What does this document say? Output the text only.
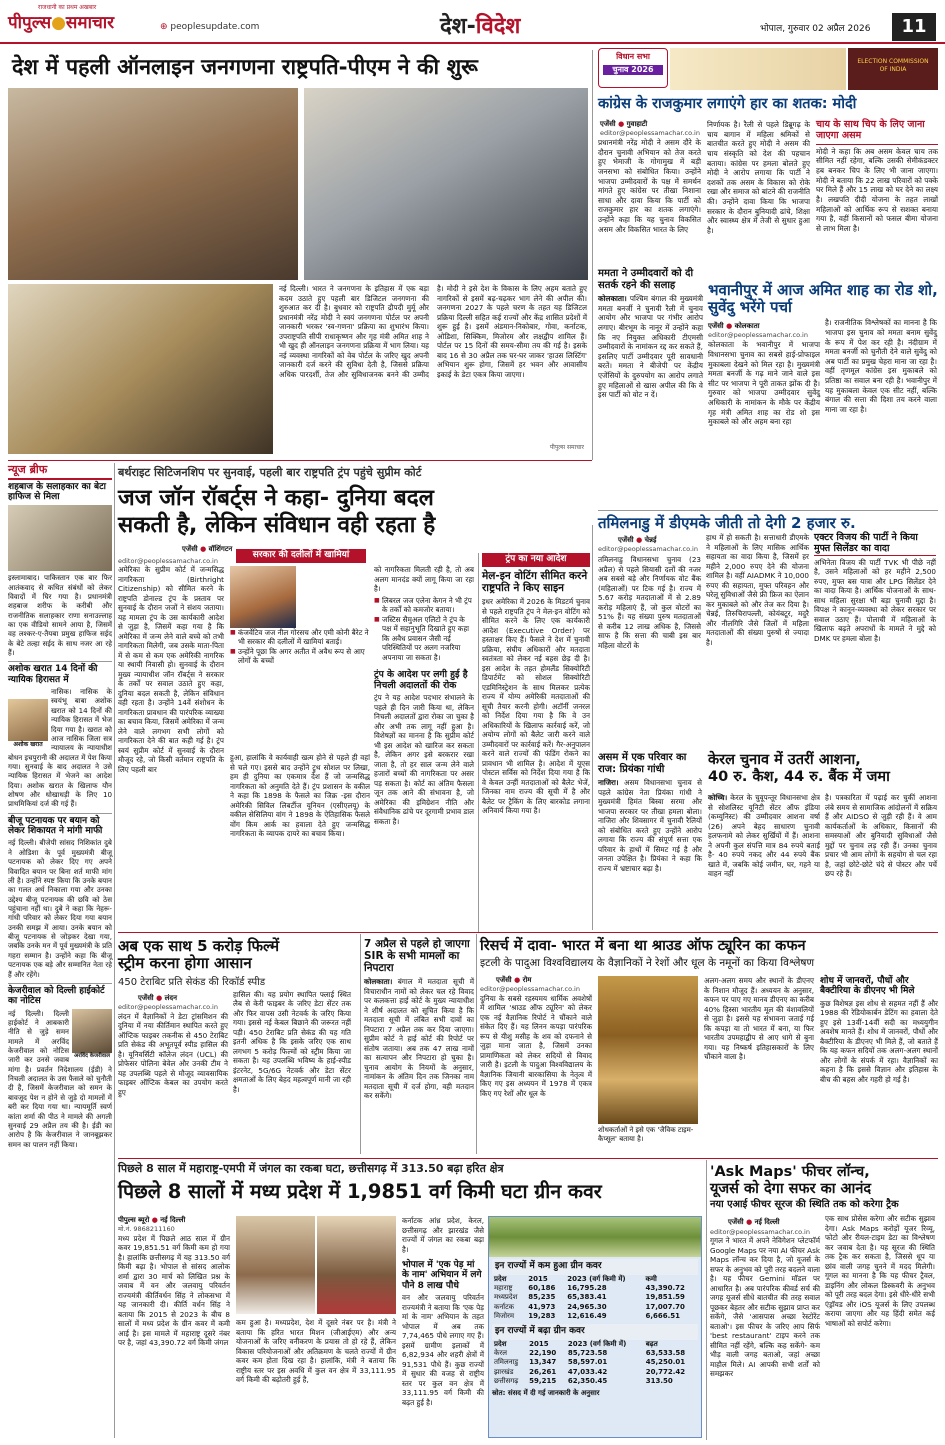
राजधानी का प्रथम अखबार
पीपुल्स●समाचार	⊕ peoplesupdate.com	देश-विदेश	भोपाल, गुरुवार 02 अप्रैल 2026	11
देश में पहली ऑनलाइन जनगणना राष्ट्रपति-पीएम ने की शुरू

नई दिल्ली। भारत ने जनगणना के इतिहास में एक बड़ा कदम उठाते हुए पहली बार डिजिटल जनगणना की शुरुआत कर दी है। बुधवार को राष्ट्रपति द्रौपदी मुर्मू और प्रधानमंत्री नरेंद्र मोदी ने स्वयं जनगणना पोर्टल पर अपनी जानकारी भरकर 'स्व-गणना' प्रक्रिया का शुभारंभ किया। उपराष्ट्रपति सीपी राधाकृष्णन और गृह मंत्री अमित शाह ने भी खुद ही ऑनलाइन जनगणना प्रक्रिया में भाग लिया। यह नई व्यवस्था नागरिकों को वेब पोर्टल के जरिए खुद अपनी जानकारी दर्ज करने की सुविधा देती है, जिससे प्रक्रिया अधिक पारदर्शी, तेज और सुविधाजनक बनने की उम्मीद है। मोदी ने इसे देश के विकास के लिए अहम बताते हुए नागरिकों से इसमें बढ़-चढ़कर भाग लेने की अपील की। जनगणना 2027 के पहले चरण के तहत यह डिजिटल प्रक्रिया दिल्ली सहित कई राज्यों और केंद्र शासित प्रदेशों में शुरू हुई है। इसमें अंडमान-निकोबार, गोवा, कर्नाटक, ओडिशा, सिक्किम, मिजोरम और लक्षद्वीप शामिल हैं। पोर्टल पर 15 दिनों की समय-सीमा तय की गई है। इसके बाद 16 से 30 अप्रैल तक घर-घर जाकर 'हाउस लिस्टिंग' अभियान शुरू होगा, जिसमें हर भवन और आवासीय इकाई के डेटा एकत्र किया जाएगा।

पीपुल्स समाचार
विधान सभा
चुनाव 2026
ELECTION COMMISSION
OF INDIA
कांग्रेस के राजकुमार लगाएंगे हार का शतक: मोदी
एजेंसी ● गुवाहाटी
editor@peoplessamachar.co.in

प्रधानमंत्री नरेंद्र मोदी ने असम दौरे के दौरान चुनावी अभियान को तेज करते हुए भेमाजी के गोगामुख में बड़ी जनसभा को संबोधित किया। उन्होंने भाजपा उम्मीदवारों के पक्ष में समर्थन मांगते हुए कांग्रेस पर तीखा निशाना साधा और दावा किया कि पार्टी को राजकुमार हार का शतक लगाएंगे। उन्होंने कहा कि यह चुनाव विकसित असम और विकसित भारत के लिए

निर्णायक है। रैली से पहले डिब्रूगढ़ के चाय बागान में महिला श्रमिकों से बातचीत करते हुए मोदी ने असम की चाय संस्कृति को देश की पहचान बताया। कांग्रेस पर हमला बोलते हुए मोदी ने आरोप लगाया कि पार्टी ने दशकों तक असम के विकास को रोके रखा और समाज को बांटने की राजनीति की। उन्होंने दावा किया कि भाजपा सरकार के दौरान बुनियादी ढांचे, शिक्षा और स्वास्थ्य क्षेत्र में तेजी से सुधार हुआ है।

चाय के साथ चिप के लिए जाना जाएगा असम

मोदी ने कहा कि अब असम केवल चाय तक सीमित नहीं रहेगा, बल्कि उसकी सेमीकंडक्टर हब बनकर चिप के लिए भी जाना जाएगा। मोदी ने बताया कि 22 लाख परिवारों को पक्के घर मिले हैं और 15 लाख को घर देने का लक्ष्य है। लखपति दीदी योजना के तहत लाखों महिलाओं को आर्थिक रूप से सशक्त बनाया गया है, वहीं किसानों को फसल बीमा योजना से लाभ मिला है।

ममता ने उम्मीदवारों को दी सतर्क रहने की सलाह

कोलकाता। पश्चिम बंगाल की मुख्यमंत्री ममता बनर्जी ने चुनावी रैली में चुनाव आयोग और भाजपा पर गंभीर आरोप लगाए। बीरभूम के नानूर में उन्होंने कहा कि नए नियुक्त अधिकारी टीएमसी उम्मीदवारों के नामांकन रद्द कर सकते हैं, इसलिए पार्टी उम्मीदवार पूरी सावधानी बरतें। ममता ने बीजेपी पर केंद्रीय एजेंसियों के दुरुपयोग का आरोप लगाते हुए महिलाओं से खास अपील की कि वे इस पार्टी को वोट न दें।

भवानीपुर में आज अमित शाह का रोड शो, सुवेंदु भरेंगे पर्चा
एजेंसी ● कोलकाता
editor@peoplessamachar.co.in

कोलकाता के भवानीपुर में भाजपा विधानसभा चुनाव का सबसे हाई-प्रोफाइल मुकाबला देखने को मिल रहा है। मुख्यमंत्री ममता बनर्जी के गढ़ माने जाने वाले इस सीट पर भाजपा ने पूरी ताकत झोंक दी है। गुरुवार को भाजपा उम्मीदवार सुवेंदु अधिकारी के नामांकन के मौके पर केंद्रीय गृह मंत्री अमित शाह का रोड शो इस मुकाबले को और अहम बना रहा

है। राजनीतिक विश्लेषकों का मानना है कि भाजपा इस चुनाव को ममता बनाम सुवेंदु के रूप में पेश कर रही है। नंदीग्राम में ममता बनर्जी को चुनौती देने वाले सुवेंदु को अब पार्टी का प्रमुख चेहरा माना जा रहा है। वहीं तृणमूल कांग्रेस इस मुकाबले को प्रतिष्ठा का सवाल बना रही है। भवानीपुर में यह मुकाबला केवल एक सीट नहीं, बल्कि बंगाल की सत्ता की दिशा तय करने वाला माना जा रहा है।

न्यूज ब्रीफ
शहबाज के सलाहकार का बेटा हाफिज से मिला

इस्लामाबाद। पाकिस्तान एक बार फिर आतंकवाद से कथित संबंधों को लेकर विवादों में घिर गया है। प्रधानमंत्री शहबाज शरीफ के करीबी और राजनीतिक सलाहकार राणा सनाउल्लाह का एक वीडियो सामने आया है, जिसमें वह लश्कर-ए-तैयबा प्रमुख हाफिज सईद के बेटे तल्हा सईद के साथ नजर आ रहे हैं।

अशोक खरात 14 दिनों की न्यायिक हिरासत में
अशोक खरात

नासिक। नासिक के स्वयंभू बाबा अशोक खरात को 14 दिनों की न्यायिक हिरासत में भेज दिया गया है। खरात को आज नासिक जिला सत्र न्यायालय के न्यायाधीश बोधन इचपुरानी की अदालत में पेश किया गया। सुनवाई के बाद अदालत ने उसे न्यायिक हिरासत में भेजने का आदेश दिया। अशोक खरात के खिलाफ यौन शोषण और धोखाधड़ी के लिए 10 प्राथमिकियां दर्ज की गई हैं।

बीजू पटनायक पर बयान को लेकर शिकायत ने मांगी माफी

नई दिल्ली। बीजेपी सांसद निशिकांत दुबे ने ओडिशा के पूर्व मुख्यमंत्री बीजू पटनायक को लेकर दिए गए अपने विवादित बयान पर बिना शर्त माफी मांग ली है। उन्होंने स्पष्ट किया कि उनके बयान का गलत अर्थ निकाला गया और उनका उद्देश्य बीजू पटनायक की छवि को ठेस पहुंचाना नहीं था। दुबे ने कहा कि नेहरू-गांधी परिवार को लेकर दिया गया बयान उनकी समझ में आया। उनके बयान को बीजू पटनायक से जोड़कर देखा गया, जबकि उनके मन में पूर्व मुख्यमंत्री के प्रति गहरा सम्मान है। उन्होंने कहा कि बीजू पटनायक एक बड़े और सम्मानित नेता रहे हैं और रहेंगे।

केजरीवाल को दिल्ली हाईकोर्ट का नोटिस
अरविंद केजरीवाल

नई दिल्ली। दिल्ली हाईकोर्ट ने आबकारी नीति से जुड़े समन मामले में अरविंद केजरीवाल को नोटिस जारी कर उनसे जवाब मांगा है। प्रवर्तन निदेशालय (ईडी) ने निचली अदालत के उस फैसले को चुनौती दी है, जिसमें केजरीवाल को समन के बावजूद पेश न होने से जुड़े दो मामलों में बरी कर दिया गया था। न्यायमूर्ति स्वर्ण कांता शर्मा की पीठ ने मामले की अगली सुनवाई 29 अप्रैल तय की है। ईडी का आरोप है कि केजरीवाल ने जानबूझकर समन का पालन नहीं किया।

बर्थराइट सिटिजनशिप पर सुनवाई, पहली बार राष्ट्रपति ट्रंप पहुंचे सुप्रीम कोर्ट
जज जॉन रॉबर्ट्स ने कहा- दुनिया बदल
सकती है, लेकिन संविधान वही रहता है
एजेंसी ● वॉशिंगटन
editor@peoplessamachar.co.in

अमेरिका के सुप्रीम कोर्ट में जन्मसिद्ध नागरिकता (Birthright Citizenship) को सीमित करने के राष्ट्रपति डोनाल्ड ट्रंप के प्रस्ताव पर सुनवाई के दौरान जजों ने संशय जताया। यह मामला ट्रंप के उस कार्यकारी आदेश से जुड़ा है, जिसमें कहा गया है कि अमेरिका में जन्म लेने वाले बच्चे को तभी नागरिकता मिलेगी, जब उसके माता-पिता में से कम से कम एक अमेरिकी नागरिक या स्थायी निवासी हो। सुनवाई के दौरान मुख्य न्यायाधीश जॉन रॉबर्ट्स ने सरकार के तर्कों पर सवाल उठाते हुए कहा, दुनिया बदल सकती है, लेकिन संविधान वही रहता है। उन्होंने 14वें संशोधन के नागरिकता प्रावधान की पारंपरिक व्याख्या का बचाव किया, जिसमें अमेरिका में जन्म लेने वाले लगभग सभी लोगों को नागरिकता देने की बात कही गई है। ट्रंप स्वयं सुप्रीम कोर्ट में सुनवाई के दौरान मौजूद रहे, जो किसी वर्तमान राष्ट्रपति के लिए पहली बार

सरकार की दलीलों में खामियां

■ कंजर्वेटिव जज नील गोरसच और एमी कोनी बैरेट ने भी सरकार की दलीलों में खामियां बताई।

■ उन्होंने पूछा कि अगर अतीत में अवैध रूप से आए लोगों के बच्चों

हुआ, हालांकि वे कार्यवाही खत्म होने से पहले ही वहां से चले गए। इससे बाद उन्होंने ट्रुथ सोशल पर लिखा, हम ही दुनिया का एकमात्र देश हैं जो जन्मसिद्ध नागरिकता को अनुमति देते हैं। ट्रंप प्रशासन के वकील ने कहा कि 1898 के फैसले का जिक्र -इस दौरान अमेरिकी सिविल लिबर्टीज यूनियन (एसीएलयू) के वकील सेसिलिया वांग ने 1898 के ऐतिहासिक फैसले वोंग किम आर्क का हवाला देते हुए जन्मसिद्ध नागरिकता के व्यापक दायरे का बचाव किया।

को नागरिकता मिलती रही है, तो अब अलग मानदंड क्यों लागू किया जा रहा है।

■ लिबरल जज एलेना केगन ने भी ट्रंप के तर्कों को कमजोर बताया।

■ जस्टिस सैमुअल एलिटो ने ट्रंप के पक्ष में सहानुभूति दिखाते हुए कहा कि अवैध प्रवासन जैसी नई परिस्थितियों पर अलग नजरिया अपनाया जा सकता है।

ट्रंप के आदेश पर लगी हुई है निचली अदालतों की रोक

ट्रंप ने यह आदेश पदभार संभालने के पहले ही दिन जारी किया था, लेकिन निचली अदालतों द्वारा रोका जा चुका है और अभी तक लागू नहीं हुआ है। विशेषज्ञों का मानना है कि सुप्रीम कोर्ट भी इस आदेश को खारिज कर सकता है, लेकिन अगर इसे बरकरार रखा जाता है, तो हर साल जन्म लेने वाले हजारों बच्चों की नागरिकता पर असर पड़ सकता है। कोर्ट का अंतिम फैसला जून तक आने की संभावना है, जो अमेरिका की इमिग्रेशन नीति और संवैधानिक ढांचे पर दूरगामी प्रभाव डाल सकता है।

ट्रंप का नया आदेश
मेल-इन वोटिंग सीमित करने राष्ट्रपति ने किए साइन

इधर अमेरिका में 2026 के मिडटर्म चुनाव से पहले राष्ट्रपति ट्रंप ने मेल-इन वोटिंग को सीमित करने के लिए एक कार्यकारी आदेश (Executive Order) पर हस्ताक्षर किए हैं। फैसले ने देश में चुनावी प्रक्रिया, संघीय अधिकारों और मतदाता स्वतंत्रता को लेकर नई बहस छेड़ दी है। इस आदेश के तहत होमलैंड सिक्योरिटी डिपार्टमेंट को सोशल सिक्योरिटी एडमिनिस्ट्रेशन के साथ मिलकर प्रत्येक राज्य में योग्य अमेरिकी मतदाताओं की सूची तैयार करनी होगी। अटॉर्नी जनरल को निर्देश दिया गया है कि वे उन अधिकारियों के खिलाफ कार्रवाई करें, जो अयोग्य लोगों को बैलेट जारी करने वाले उम्मीदवारों पर कार्रवाई करें। गैर-अनुपालन करने वाले राज्यों की फंडिंग रोकने का प्रावधान भी शामिल है। आदेश में यूएस पोस्टल सर्विस को निर्देश दिया गया है कि वे केवल उन्हीं मतदाताओं को बैलेट भेजें, जिनका नाम राज्य की सूची में है और बैलेट पर ट्रैकिंग के लिए बारकोड लगाना अनिवार्य किया गया है।

तमिलनाडु में डीएमके जीती तो देगी 2 हजार रु.
एजेंसी ● चेन्नई
editor@peoplessamachar.co.in

तमिलनाडु विधानसभा चुनाव (23 अप्रैल) से पहले सियासी दलों की नजर अब सबसे बड़े और निर्णायक वोट बैंक (महिलाओं) पर टिक गई है। राज्य में 5.67 करोड़ मतदाताओं में से 2.89 करोड़ महिलाएं हैं, जो कुल वोटरों का 51% हैं। यह संख्या पुरुष मतदाताओं से करीब 12 लाख अधिक है, जिससे साफ है कि सत्ता की चाबी इस बार महिला वोटरों के

हाथ में हो सकती है। सत्ताधारी डीएमके ने महिलाओं के लिए मासिक आर्थिक सहायता का वादा किया है, जिसमें हर महीने 2,000 रुपए देने की योजना शामिल है। वहीं AIADMK ने 10,000 रुपए की सहायता, मुफ्त परिवहन और घरेलू सुविधाओं जैसे फ्री फ्रिज का ऐलान कर मुकाबले को और तेज कर दिया है। चेन्नई, तिरुचिरापल्ली, कोयंबटूर, मदुरै और नीलगिरि जैसे जिलों में महिला मतदाताओं की संख्या पुरुषों से ज्यादा है।

एक्टर विजय की पार्टी ने किया मुफ्त सिलेंडर का वादा

अभिनेता विजय की पार्टी TVK भी पीछे नहीं है, उसने महिलाओं को हर महीने 2,500 रुपए, मुफ्त बस यात्रा और LPG सिलेंडर देने का वादा किया है। आर्थिक योजनाओं के साथ-साथ महिला सुरक्षा भी बड़ा चुनावी मुद्दा है। विपक्ष ने कानून-व्यवस्था को लेकर सरकार पर सवाल उठाए हैं। पोलाची में महिलाओं के खिलाफ बढ़ते अपराधों के मामले ने मुद्दे को DMK पर हमला बोला है।

असम में एक परिवार का राज: प्रियंका गांधी

नाजिरा। असम विधानसभा चुनाव से पहले कांग्रेस नेता प्रियंका गांधी ने मुख्यमंत्री हिमंत बिस्वा सरमा और भाजपा सरकार पर तीखा हमला बोला। नाजिरा और शिवसागर में चुनावी रैलियों को संबोधित करते हुए उन्होंने आरोप लगाया कि राज्य की संपूर्ण सत्ता एक परिवार के हाथों में सिमट गई है और जनता उपेक्षित है। प्रियंका ने कहा कि राज्य में भ्रष्टाचार बढ़ा है।

केरल चुनाव में उतरीं आशना,
40 रु. कैश, 44 रु. बैंक में जमा

कोच्चि। केरल के चुवूपन्तूर विधानसभा क्षेत्र से सोशलिस्ट यूनिटी सेंटर ऑफ इंडिया (कम्युनिस्ट) की उम्मीदवार आशना वर्षा (26) अपने बेहद साधारण चुनावी हलफनामे को लेकर सुर्खियों में हैं। आशना ने अपनी कुल संपत्ति मात्र 84 रुपये बताई है- 40 रुपये नकद और 44 रुपये बैंक खाते में, जबकि कोई जमीन, घर, गहने या वाहन नहीं

है। पत्रकारिता में पढ़ाई कर चुकीं आशना लंबे समय से सामाजिक आंदोलनों में सक्रिय हैं और AIDSO से जुड़ी रही हैं। वे आम कार्यकर्ताओं के अधिकार, किसानों की समस्याओं और बुनियादी सुविधाओं जैसे मुद्दों पर चुनाव लड़ रही हैं। उनका चुनाव प्रचार भी आम लोगों के सहयोग से चल रहा है, जहां छोटे-छोटे चंदे से पोस्टर और पर्चे छप रहे हैं।

अब एक साथ 5 करोड़ फिल्में
स्ट्रीम करना होगा आसान
450 टेराबिट प्रति सेकंड की रिकॉर्ड स्पीड
एजेंसी ● लंदन
editor@peoplessamachar.co.in

लंदन में वैज्ञानिकों ने डेटा ट्रांसमिशन की दुनिया में नया कीर्तिमान स्थापित करते हुए ऑप्टिक फाइबर तकनीक से 450 टेराबिट प्रति सेकंड की अभूतपूर्व स्पीड हासिल की है। यूनिवर्सिटी कॉलेज लंदन (UCL) की प्रोफेसर पोलिना बेवेल और उनकी टीम ने यह उपलब्धि पहले से मौजूद व्यावसायिक फाइबर ऑप्टिक केबल का उपयोग करते हुए

हासिल की। यह प्रयोग स्थापित फ्लाई स्थित लैब से केरी फाइबर के जरिए डेटा सेंटर तक और फिर वापस उसी नेटवर्क के जरिए किया गया। इससे नई केबल बिछाने की जरूरत नहीं पड़ी। 450 टेराबिट प्रति सेकंड की यह गति इतनी अधिक है कि इसके जरिए एक साथ लगभग 5 करोड़ फिल्मों को स्ट्रीम किया जा सकता है। यह उपलब्धि भविष्य के हाई-स्पीड इंटरनेट, 5G/6G नेटवर्क और डेटा सेंटर क्षमताओं के लिए बेहद महत्वपूर्ण मानी जा रही है।

7 अप्रैल से पहले हो जाएगा SIR के सभी मामलों का निपटारा

कोलकाता। बंगाल में मतदाता सूची में विचाराधीन नामों को लेकर चल रहे विवाद पर कलकत्ता हाई कोर्ट के मुख्य न्यायाधीश ने शीर्ष अदालत को सूचित किया है कि मतदाता सूची में लंबित सभी दावों का निपटारा 7 अप्रैल तक कर दिया जाएगा। सुप्रीम कोर्ट ने हाई कोर्ट की रिपोर्ट पर संतोष जताया। अब तक 47 लाख नामों का सत्यापन और निपटारा हो चुका है। चुनाव आयोग के नियमों के अनुसार, नामांकन के अंतिम दिन तक जिनका नाम मतदाता सूची में दर्ज होगा, वही मतदान कर सकेंगे।

रिसर्च में दावा- भारत में बना था श्राउड ऑफ ट्यूरिन का कफन
इटली के पादुआ विश्वविद्यालय के वैज्ञानिकों ने रेशों और धूल के नमूनों का किया विश्लेषण
एजेंसी ● रोम
editor@peoplessamachar.co.in

दुनिया के सबसे रहस्यमय धार्मिक अवशेषों में शामिल 'श्राउड ऑफ ट्यूरिन' को लेकर एक नई वैज्ञानिक रिपोर्ट ने चौंकाने वाले संकेत दिए हैं। यह लिनन कपड़ा पारंपरिक रूप से यीशु मसीह के शव को दफनाने से जुड़ा माना जाता है, जिसमें उनका प्रामाणिकता को लेकर सदियों से विवाद जारी है। इटली के पादुआ विश्वविद्यालय के वैज्ञानिक जियानी बारकासिया के नेतृत्व में किए गए इस अध्ययन में 1978 में एकत्र किए गए रेशों और धूल के

शोधकर्ताओं ने इसे एक 'जैविक टाइम-कैप्सूल' बताया है।

अलग-अलग समय और स्थानों के डीएनए के निशान मौजूद हैं। अध्ययन के अनुसार, कफन पर पाए गए मानव डीएनए का करीब 40% हिस्सा भारतीय मूल की वंशावलियों से जुड़ा है। इससे यह संभावना जताई गई कि कपड़ा या तो भारत में बना, या फिर भारतीय उपमहाद्वीप से आए धागे से बुना गया। यह निष्कर्ष इतिहासकारों के लिए चौंकाने वाला है।

शोध में जानवरों, पौधों और बैक्टीरिया के डीएनए भी मिले

कुछ विशेषज्ञ इस शोध से सहमत नहीं हैं और 1988 की रेडियोकार्बन डेटिंग का हवाला देते हुए इसे 13वीं-14वीं सदी का मध्ययुगीन अवशेष मानते हैं। शोध में जानवरों, पौधों और बैक्टीरिया के डीएनए भी मिले हैं, जो बताते हैं कि यह कफन सदियों तक अलग-अलग स्थानों और लोगों के संपर्क में रहा। वैज्ञानिकों का कहना है कि इससे विज्ञान और इतिहास के बीच की बहस और गहरी हो गई है।

पिछले 8 साल में महाराष्ट्र-एमपी में जंगल का रकबा घटा, छत्तीसगढ़ में 313.50 बढ़ा हरित क्षेत्र
पिछले 8 सालों में मध्य प्रदेश में 1,9851 वर्ग किमी घटा ग्रीन कवर
पीपुल्स ब्यूरो ● नई दिल्ली
मो.नं. 9868211160

मध्य प्रदेश में पिछले आठ साल में ग्रीन कवर 19,851.51 वर्ग किमी कम हो गया है। हालांकि छत्तीसगढ़ में यह 313.50 वर्ग किमी बढ़ा है। भोपाल से सांसद आलोक शर्मा द्वारा 30 मार्च को लिखित प्रश्न के जवाब में वन और जलवायु परिवर्तन राज्यमंत्री कीर्तिवर्धन सिंह ने लोकसभा में यह जानकारी दी। कीर्ति वर्धन सिंह ने बताया कि 2015 से 2023 के बीच 8 सालों में मध्य प्रदेश के ग्रीन कवर में कमी आई है। इस मामले में महाराष्ट्र दूसरे नंबर पर है, जहां 43,390.72 वर्ग किमी जंगल

कम हुआ है। मध्यप्रदेश, देश में दूसरे नंबर पर है। मंत्री ने बताया कि हरित भारत मिशन (जीआईएम) और अन्य योजनाओं के जरिए वनीकरण के प्रयास तो हो रहे हैं, लेकिन विकास परियोजनाओं और अतिक्रमण के चलते राज्यों में ग्रीन कवर कम होता दिख रहा है। हालांकि, मंत्री ने बताया कि राष्ट्रीय स्तर पर इस अवधि में कुल वन क्षेत्र में 33,111.95 वर्ग किमी की बढ़ोतरी हुई है,

कर्नाटक आंध्र प्रदेश, केरल, छत्तीसगढ़ और झारखंड जैसे राज्यों में जंगल का रकबा बढ़ा है।

भोपाल में 'एक पेड़ मां के नाम' अभियान में लगे पौने 8 लाख पौधे

वन और जलवायु परिवर्तन राज्यमंत्री ने बताया कि 'एक पेड़ मां के नाम' अभियान के तहत भोपाल में अब तक 7,74,465 पौधे लगाए गए हैं। इसमें ग्रामीण इलाकों में 6,82,934 और शहरी क्षेत्रों में 91,531 पौधे हैं। कुछ राज्यों में सुधार की वजह से राष्ट्रीय स्तर पर कुल वन क्षेत्र में 33,111.95 वर्ग किमी की बढ़त हुई है।

इन राज्यों में कम हुआ ग्रीन कवर
प्रदेश	2015	2023 (वर्ग किमी में)	कमी
महाराष्ट्र	60,186	16,795.28	43,390.72
मध्यप्रदेश	85,235	65,383.41	19,851.59
कर्नाटक	41,973	24,965.30	17,007.70
मिजोरम	19,283	12,616.49	6,666.51
इन राज्यों में बढ़ा ग्रीन कवर
प्रदेश	2015	2023 (वर्ग किमी में)	बढ़त
केरल	22,190	85,723.58	63,533.58
तमिलनाडु	13,347	58,597.01	45,250.01
झारखंड	26,261	47,033.42	20,772.42
छत्तीसगढ़	59,215	62,350.45	313.50
स्रोत: संसद में दी गई जानकारी के अनुसार
'Ask Maps' फीचर लॉन्च,
यूजर्स को देगा सफर का आनंद
नया एआई फीचर सूरज की स्थिति तक को करेगा ट्रैक
एजेंसी ● नई दिल्ली
editor@peoplessamachar.co.in

गूगल ने भारत में अपने नेविगेशन प्लेटफॉर्म Google Maps पर नया AI फीचर Ask Maps लॉन्च कर दिया है, जो यूजर्स के सफर के अनुभव को पूरी तरह बदलने वाला है। यह फीचर Gemini मॉडल पर आधारित है। अब पारंपरिक कीवर्ड सर्च की जगह यूजर्स सीधे बातचीत की तरह सवाल पूछकर बेहतर और सटीक सुझाव प्राप्त कर सकेंगे, जैसे 'आसपास अच्छा रेस्टोरेंट बताओ'। इस फीचर के जरिए आप सिर्फ 'best restaurant' टाइप करने तक सीमित नहीं रहेंगे, बल्कि कह सकेंगे- कम भीड़ वाली जगह बताओ, जहां अच्छा माहौल मिले। AI आपकी सभी शर्तों को समझकर

एक साथ प्रोसेस करेगा और सटीक सुझाव देगा। Ask Maps करोड़ों यूजर रिव्यू, फोटो और रीयल-टाइम डेटा का विश्लेषण कर जवाब देता है। यह सूरज की स्थिति तक ट्रैक कर सकता है, जिससे धूप या छांव वाली जगह चुनने में मदद मिलेगी। गूगल का मानना है कि यह फीचर ट्रैवल, डाइनिंग और लोकल डिस्कवरी के अनुभव को पूरी तरह बदल देगा। इसे धीरे-धीरे सभी एंड्रॉयड और iOS यूजर्स के लिए उपलब्ध कराया जाएगा और यह हिंदी समेत कई भाषाओं को सपोर्ट करेगा।
